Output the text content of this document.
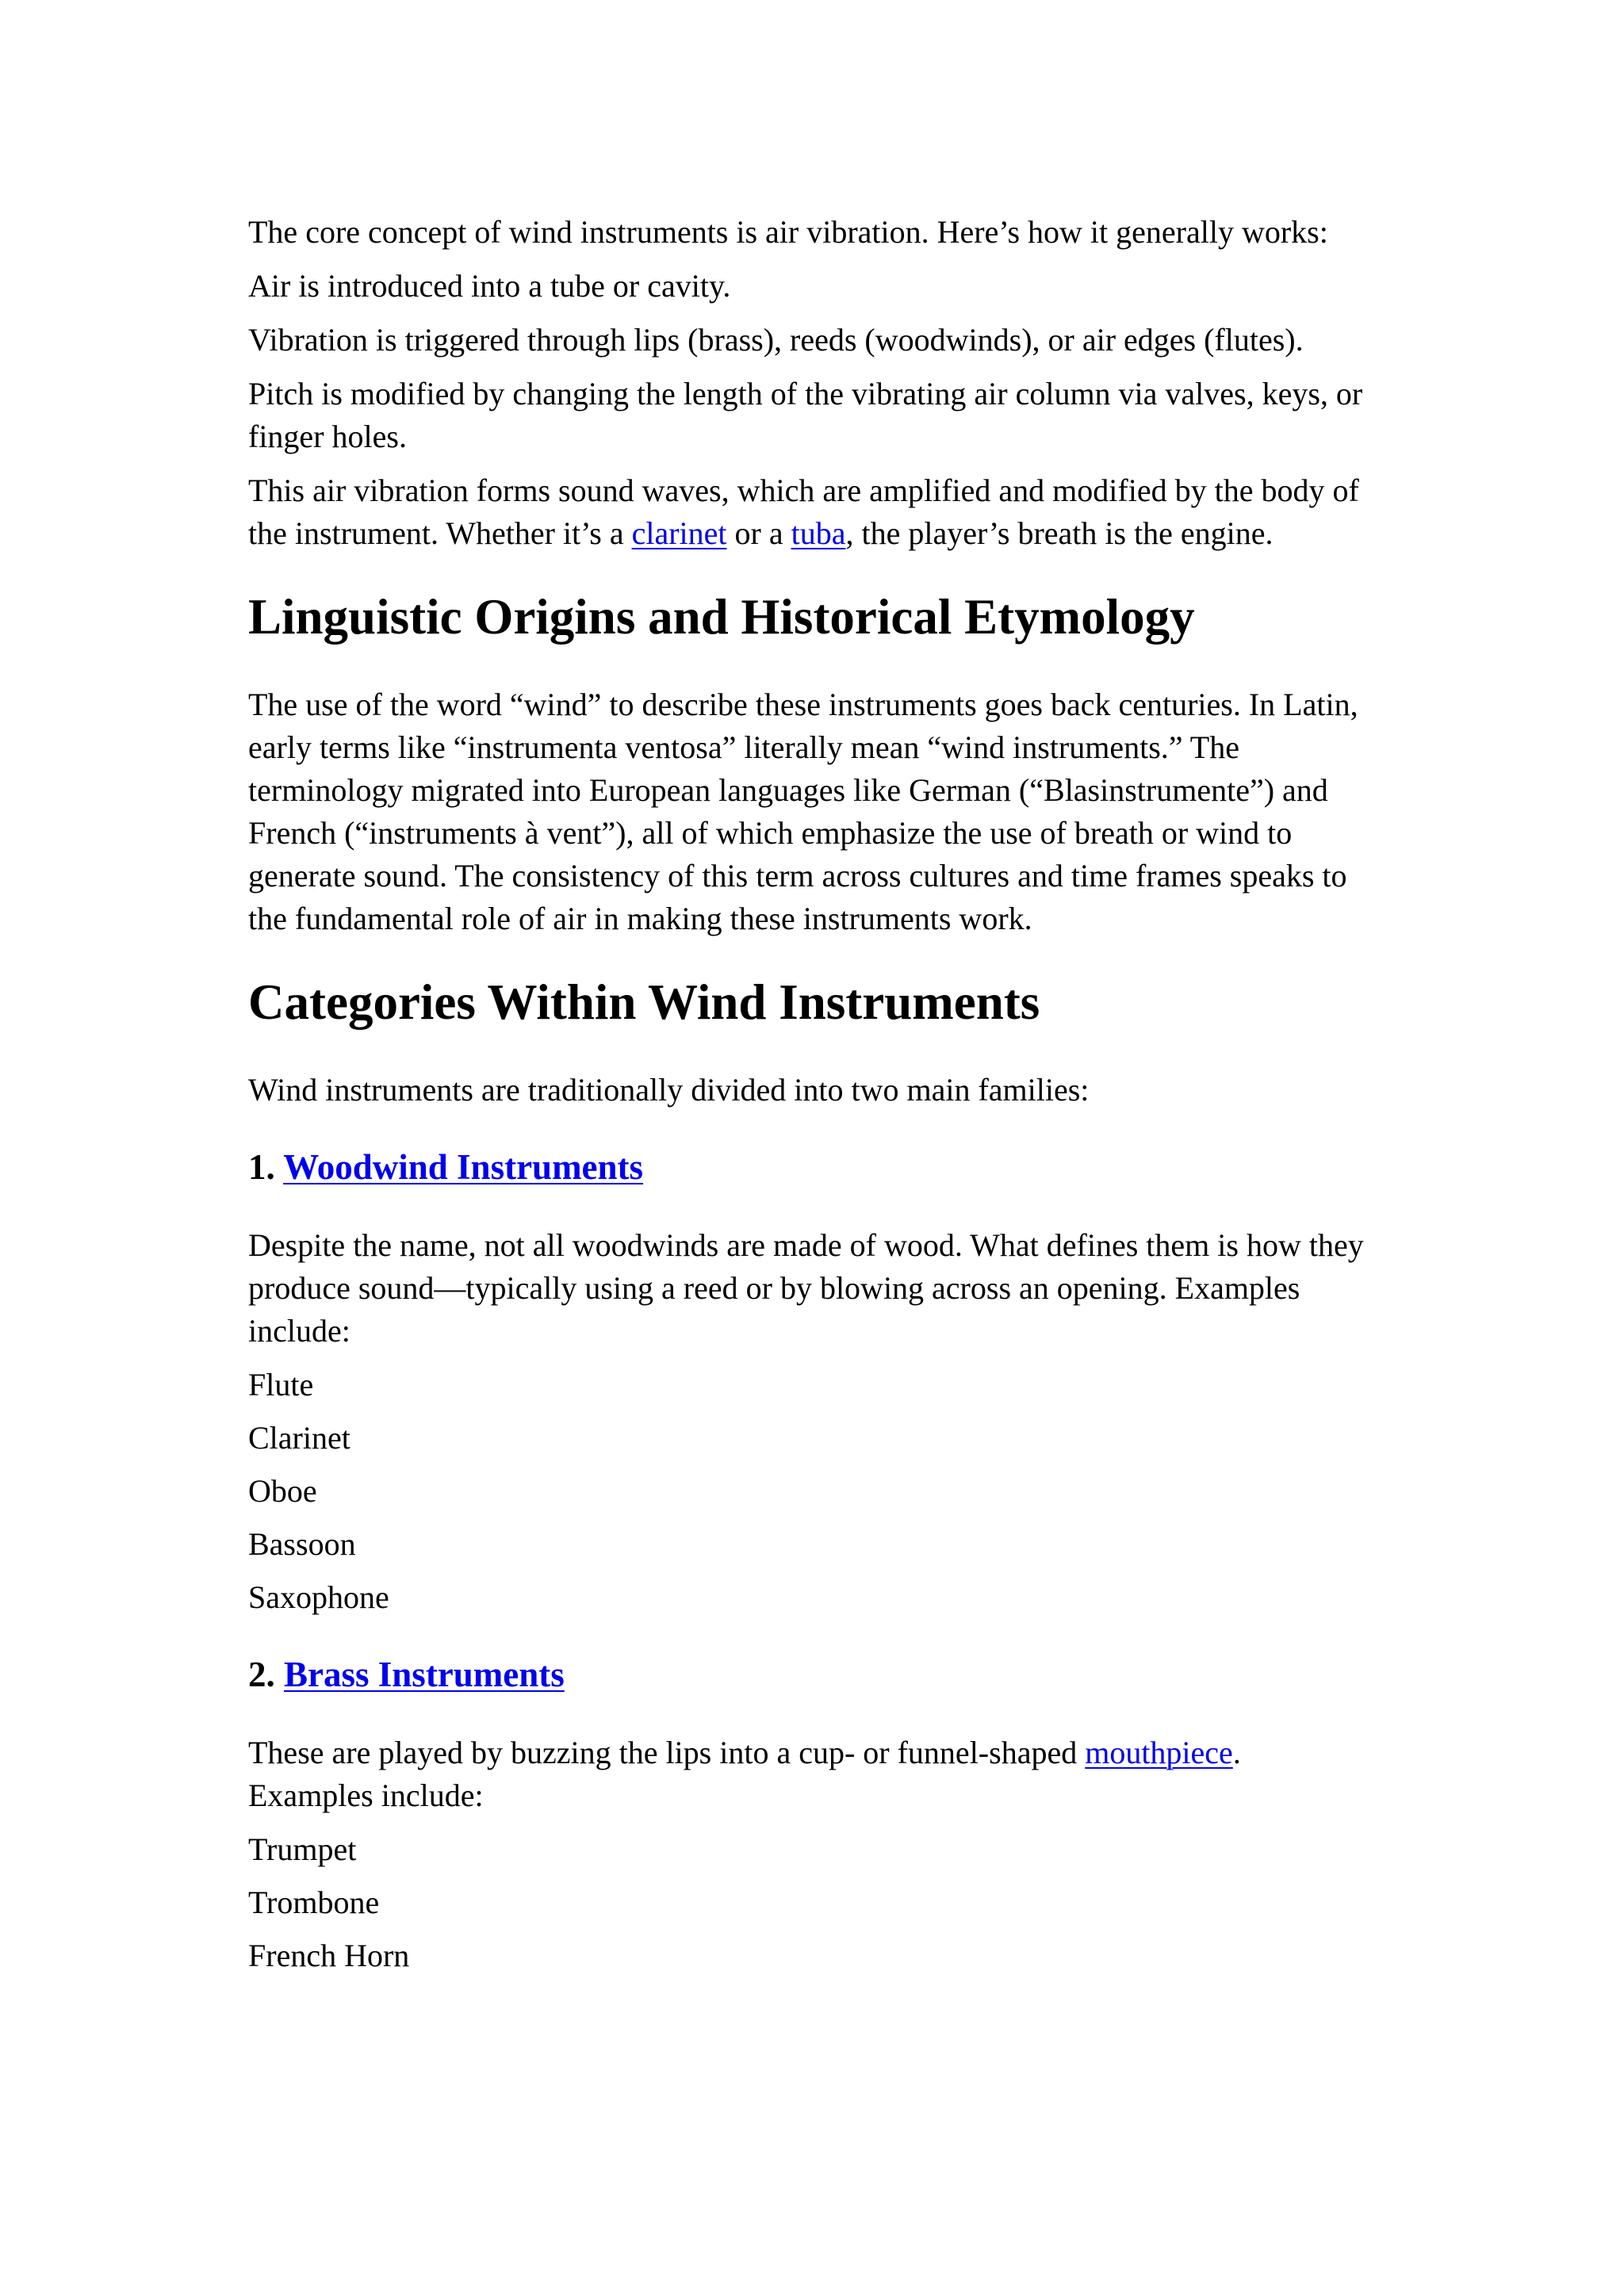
The core concept of wind instruments is air vibration. Here’s how it generally works:

Air is introduced into a tube or cavity.

Vibration is triggered through lips (brass), reeds (woodwinds), or air edges (flutes).

Pitch is modified by changing the length of the vibrating air column via valves, keys, or finger holes.

This air vibration forms sound waves, which are amplified and modified by the body of the instrument. Whether it’s a clarinet or a tuba, the player’s breath is the engine.

Linguistic Origins and Historical Etymology

The use of the word “wind” to describe these instruments goes back centuries. In Latin, early terms like “instrumenta ventosa” literally mean “wind instruments.” The terminology migrated into European languages like German (“Blasinstrumente”) and French (“instruments à vent”), all of which emphasize the use of breath or wind to generate sound. The consistency of this term across cultures and time frames speaks to the fundamental role of air in making these instruments work.

Categories Within Wind Instruments

Wind instruments are traditionally divided into two main families:

1. Woodwind Instruments

Despite the name, not all woodwinds are made of wood. What defines them is how they produce sound—typically using a reed or by blowing across an opening. Examples include:

Flute
Clarinet
Oboe
Bassoon
Saxophone
2. Brass Instruments

These are played by buzzing the lips into a cup- or funnel-shaped mouthpiece.
Examples include:

Trumpet
Trombone
French Horn
